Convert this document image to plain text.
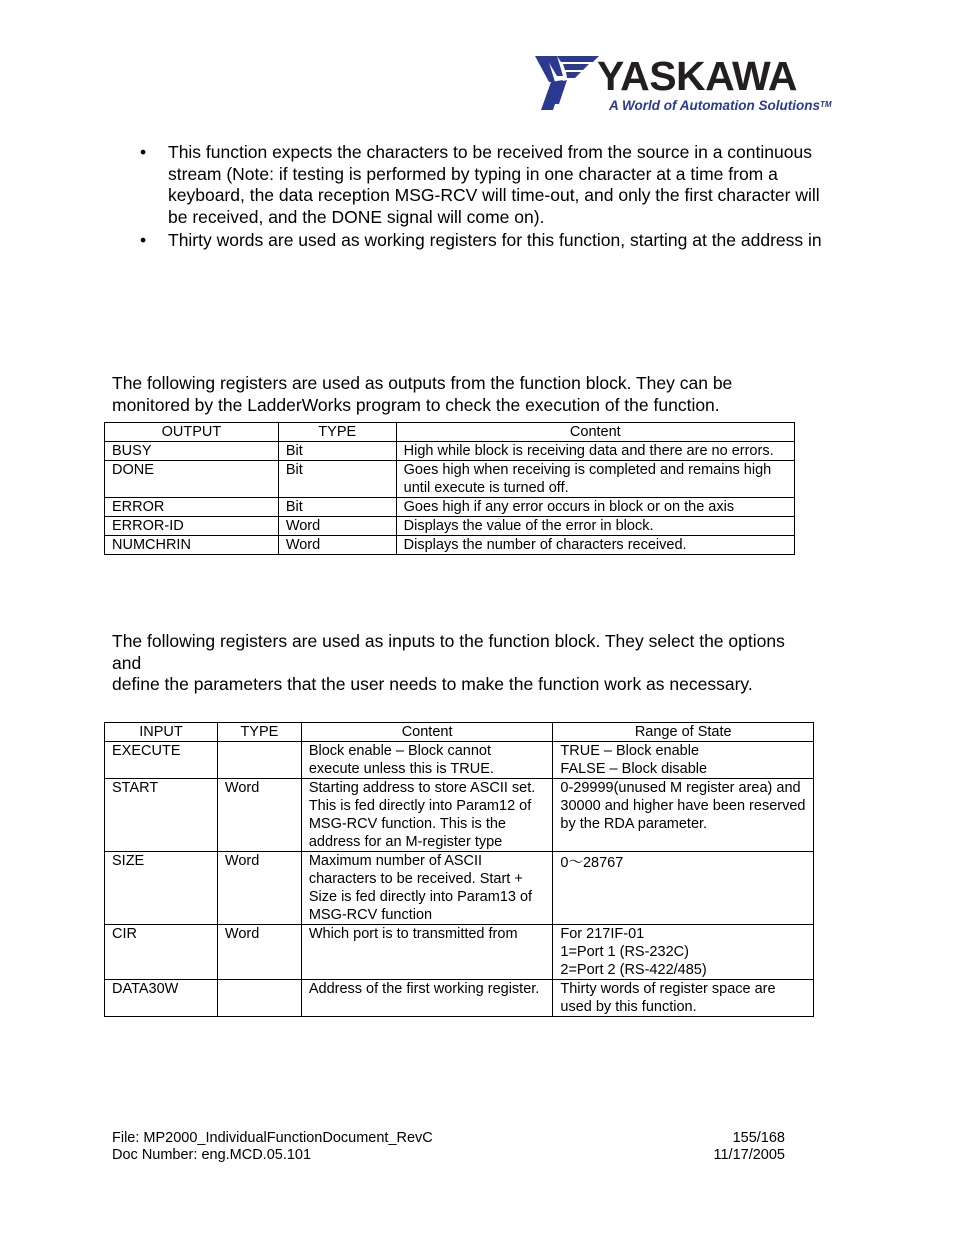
YASKAWA
A World of Automation Solutions™
• This function expects the characters to be received from the source in a continuous stream (Note: if testing is performed by typing in one character at a time from a keyboard, the data reception MSG-RCV will time-out, and only the first character will be received, and the DONE signal will come on).
• Thirty words are used as working registers for this function, starting at the address in
The following registers are used as outputs from the function block. They can be
monitored by the LadderWorks program to check the execution of the function.
OUTPUT	TYPE	Content
BUSY	Bit	High while block is receiving data and there are no errors.
DONE	Bit	Goes high when receiving is completed and remains high until execute is turned off.
ERROR	Bit	Goes high if any error occurs in block or on the axis
ERROR-ID	Word	Displays the value of the error in block.
NUMCHRIN	Word	Displays the number of characters received.
The following registers are used as inputs to the function block. They select the options
and
define the parameters that the user needs to make the function work as necessary.
INPUT	TYPE	Content	Range of State
EXECUTE		Block enable – Block cannot execute unless this is TRUE.	TRUE – Block enable
FALSE – Block disable
START	Word	Starting address to store ASCII set. This is fed directly into Param12 of MSG-RCV function. This is the address for an M-register type	0-29999(unused M register area) and 30000 and higher have been reserved by the RDA parameter.
SIZE	Word	Maximum number of ASCII characters to be received. Start + Size is fed directly into Param13 of MSG-RCV function	0～28767
CIR	Word	Which port is to transmitted from	For 217IF-01
1=Port 1 (RS-232C)
2=Port 2 (RS-422/485)
DATA30W		Address of the first working register.	Thirty words of register space are used by this function.
File: MP2000_IndividualFunctionDocument_RevC
Doc Number: eng.MCD.05.101
155/168
11/17/2005
